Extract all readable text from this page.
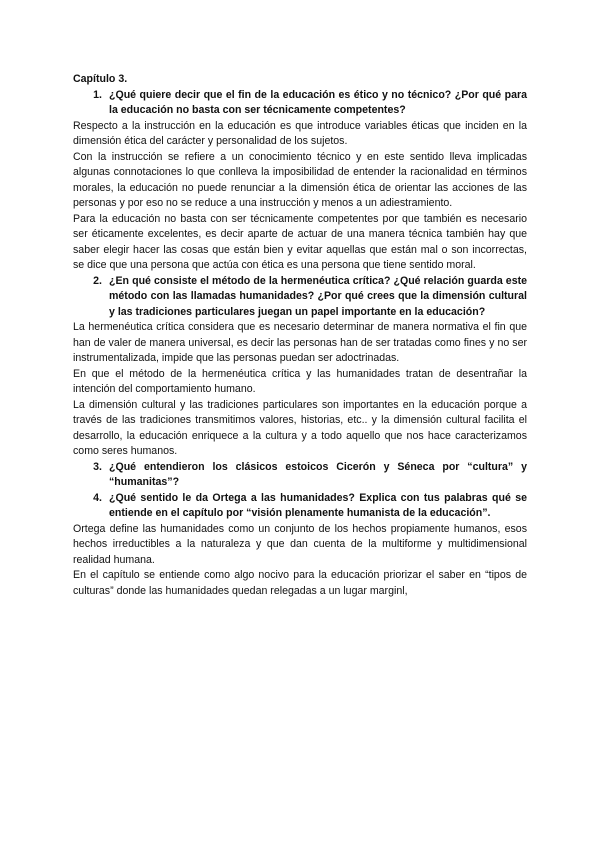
Capítulo 3.

1. ¿Qué quiere decir que el fin de la educación es ético y no técnico? ¿Por qué para la educación no basta con ser técnicamente competentes?

Respecto a la instrucción en la educación es que introduce variables éticas que inciden en la dimensión ética del carácter y personalidad de los sujetos.

Con la instrucción se refiere a un conocimiento técnico y en este sentido lleva implicadas algunas connotaciones lo que conlleva la imposibilidad de entender la racionalidad en términos morales, la educación no puede renunciar a la dimensión ética de orientar las acciones de las personas y por eso no se reduce a una instrucción y menos a un adiestramiento.

Para la educación no basta con ser técnicamente competentes por que también es necesario ser éticamente excelentes, es decir aparte de actuar de una manera técnica también hay que saber elegir hacer las cosas que están bien y evitar aquellas que están mal o son incorrectas, se dice que una persona que actúa con ética es una persona que tiene sentido moral.

2. ¿En qué consiste el método de la hermenéutica crítica? ¿Qué relación guarda este método con las llamadas humanidades? ¿Por qué crees que la dimensión cultural y las tradiciones particulares juegan un papel importante en la educación?

La hermenéutica crítica considera que es necesario determinar de manera normativa el fin que han de valer de manera universal, es decir las personas han de ser tratadas como fines y no ser instrumentalizada, impide que las personas puedan ser adoctrinadas.

En que el método de la hermenéutica crítica y las humanidades tratan de desentrañar la intención del comportamiento humano.

La dimensión cultural y las tradiciones particulares son importantes en la educación porque a través de las tradiciones transmitimos valores, historias, etc.. y la dimensión cultural facilita el desarrollo, la educación enriquece a la cultura y a todo aquello que nos hace caracterizamos como seres humanos.

3. ¿Qué entendieron los clásicos estoicos Cicerón y Séneca por “cultura” y “humanitas”?
4. ¿Qué sentido le da Ortega a las humanidades? Explica con tus palabras qué se entiende en el capítulo por “visión plenamente humanista de la educación”.

Ortega define las humanidades como un conjunto de los hechos propiamente humanos, esos hechos irreductibles a la naturaleza y que dan cuenta de la multiforme y multidimensional realidad humana.

En el capítulo se entiende como algo nocivo para la educación priorizar el saber en “tipos de culturas” donde las humanidades quedan relegadas a un lugar marginl,
